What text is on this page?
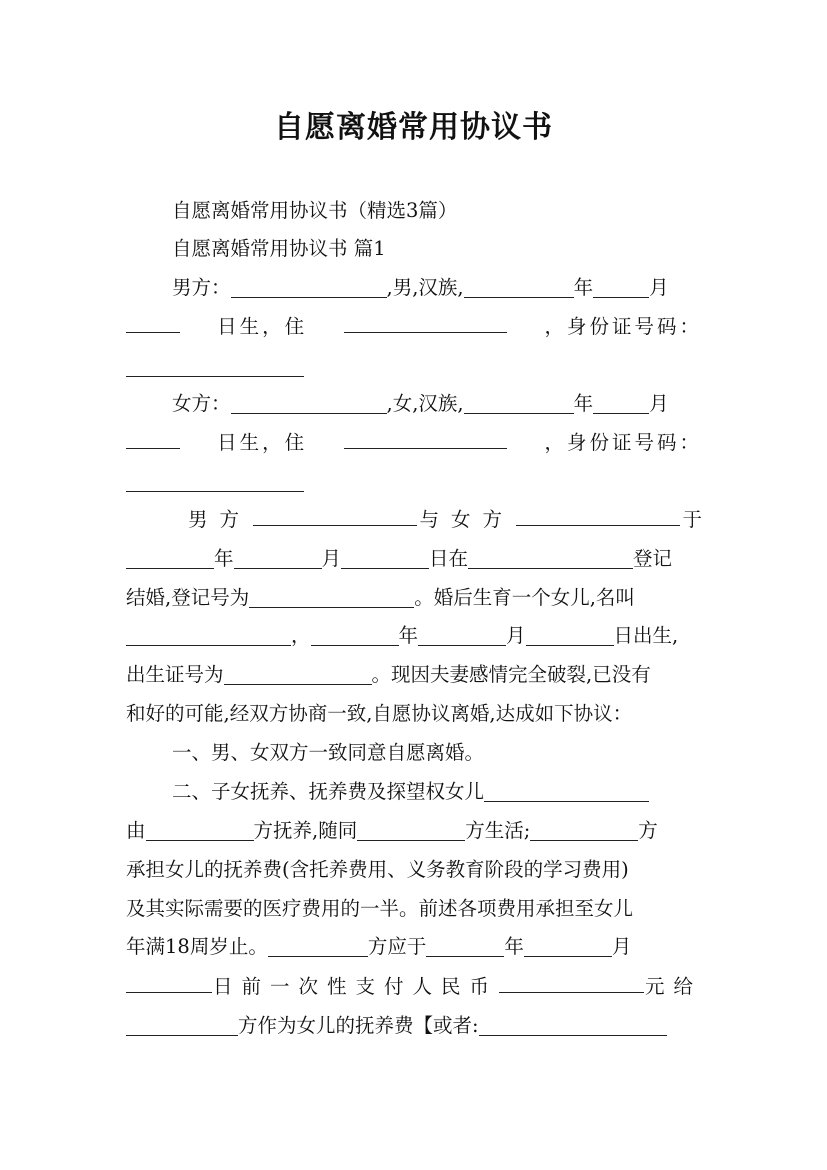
自愿离婚常用协议书
自愿离婚常用协议书（精选3篇）
自愿离婚常用协议书 篇1
男方：	,男,汉族,	年	月
日生，住	，身份证号码：
女方：	,女,汉族,	年	月
日生，住	，身份证号码：
男方	与女方	于
年	月	日在	登记
结婚,登记号为	。婚后生育一个女儿,名叫
，	年	月	日出生,
出生证号为	。现因夫妻感情完全破裂,已没有
和好的可能,经双方协商一致,自愿协议离婚,达成如下协议：
一、男、女双方一致同意自愿离婚。
二、子女抚养、抚养费及探望权女儿
由	方抚养,随同	方生活;	方
承担女儿的抚养费(含托养费用、义务教育阶段的学习费用)
及其实际需要的医疗费用的一半。前述各项费用承担至女儿
年满18周岁止。	方应于	年	月
日前一次性支付人民币	元给
方作为女儿的抚养费【或者:
